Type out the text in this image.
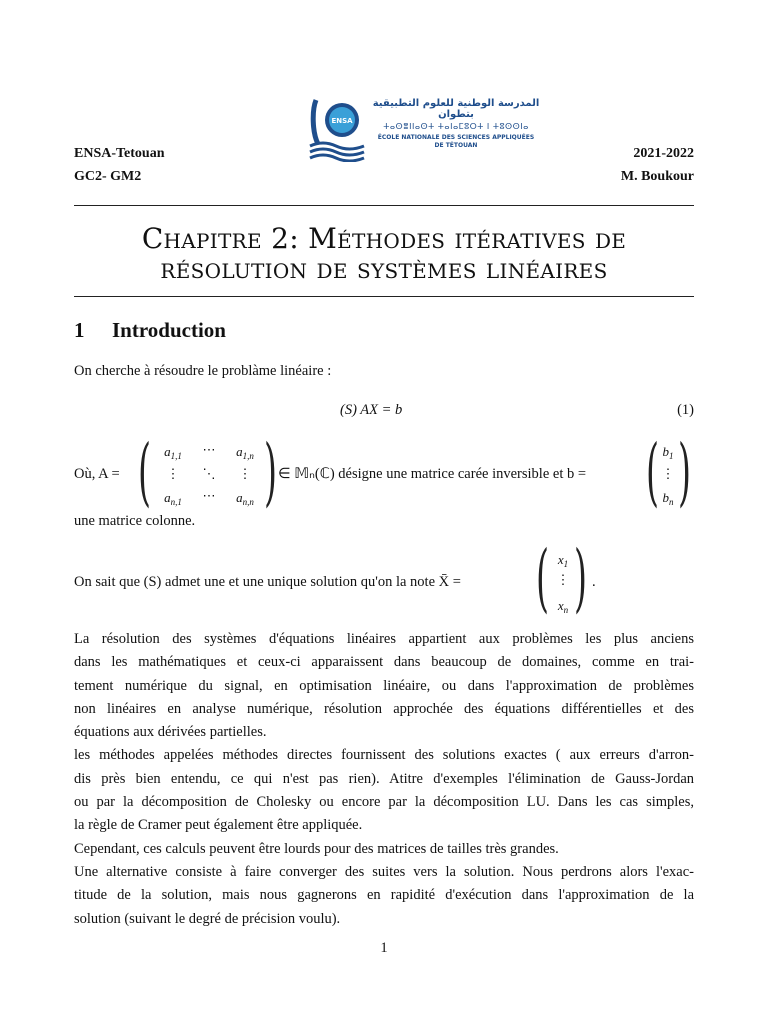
ENSA
المدرسة الوطنية للعلوم التطبيقية بتطوان
ⵜⴰⵙⴻⵏⵏⴰⵙⵜ ⵜⴰⵏⴰⵎⵓⵔⵜ ⵏ ⵜⵓⵙⵙⵏⴰ
ÉCOLE NATIONALE DES SCIENCES APPLIQUÉES
DE TÉTOUAN
ENSA-Tetouan
GC2- GM2
2021-2022
M. Boukour
Chapitre 2: Méthodes itératives de
résolution de systèmes linéaires
1 Introduction
On cherche à résoudre le problàme linéaire :
(S) AX = b	(1)
Où, A = (	$a_{1,1}$	⋯	$a_{1,n}$
⋮	⋱	⋮
$a_{n,1}$	⋯	$a_{n,n}$ ) ∈ 𝕄ₙ(ℂ) désigne une matrice carée inversible et b = ( $b_1$
⋮
$b_n$ )
une matrice colonne.
On sait que (S) admet une et une unique solution qu'on la note X̄ = ( $x_1$
⋮
$x_n$ ) .
La résolution des systèmes d'équations linéaires appartient aux problèmes les plus anciens
dans les mathématiques et ceux-ci apparaissent dans beaucoup de domaines, comme en trai-
tement numérique du signal, en optimisation linéaire, ou dans l'approximation de problèmes
non linéaires en analyse numérique, résolution approchée des équations différentielles et des
équations aux dérivées partielles.
les méthodes appelées méthodes directes fournissent des solutions exactes ( aux erreurs d'arron-
dis près bien entendu, ce qui n'est pas rien). Atitre d'exemples l'élimination de Gauss-Jordan
ou par la décomposition de Cholesky ou encore par la décomposition LU. Dans les cas simples,
la règle de Cramer peut également être appliquée.
Cependant, ces calculs peuvent être lourds pour des matrices de tailles très grandes.
Une alternative consiste à faire converger des suites vers la solution. Nous perdrons alors l'exac-
titude de la solution, mais nous gagnerons en rapidité d'exécution dans l'approximation de la
solution (suivant le degré de précision voulu).
1
